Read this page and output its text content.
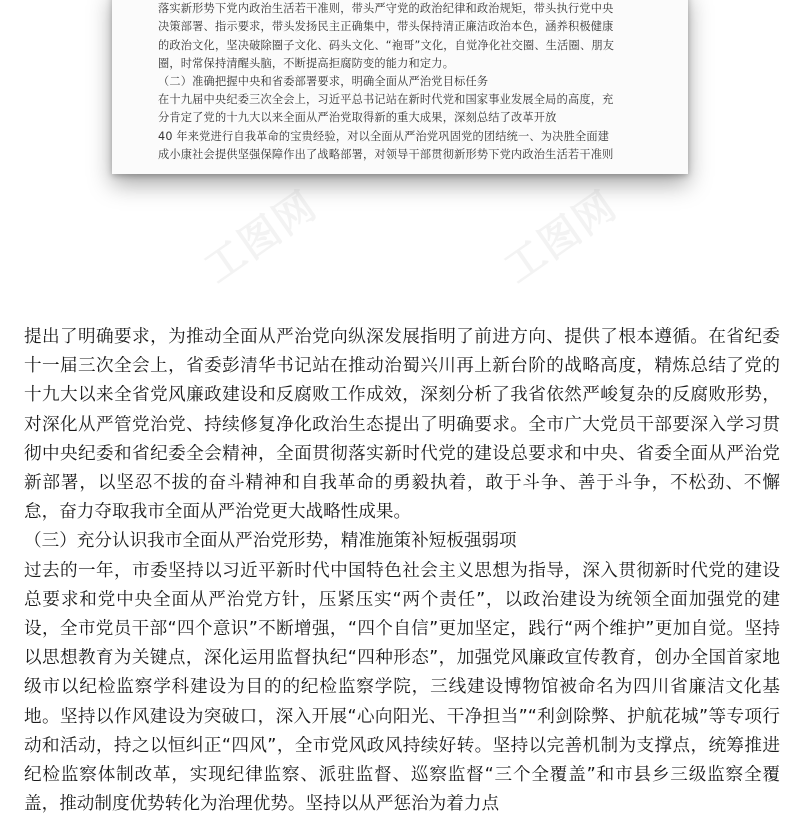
落实新形势下党内政治生活若干准则，带头严守党的政治纪律和政治规矩，带头执行党中央

决策部署、指示要求，带头发扬民主正确集中，带头保持清正廉洁政治本色，涵养积极健康

的政治文化，坚决破除圈子文化、码头文化、“袍哥”文化，自觉净化社交圈、生活圈、朋友

圈，时常保持清醒头脑，不断提高拒腐防变的能力和定力。

（二）准确把握中央和省委部署要求，明确全面从严治党目标任务

在十九届中央纪委三次全会上，习近平总书记站在新时代党和国家事业发展全局的高度，充

分肯定了党的十九大以来全面从严治党取得新的重大成果，深刻总结了改革开放

40 年来党进行自我革命的宝贵经验，对以全面从严治党巩固党的团结统一、为决胜全面建

成小康社会提供坚强保障作出了战略部署，对领导干部贯彻新形势下党内政治生活若干准则

工图网	工图网

提出了明确要求，为推动全面从严治党向纵深发展指明了前进方向、提供了根本遵循。在省纪委十一届三次全会上，省委彭清华书记站在推动治蜀兴川再上新台阶的战略高度，精炼总结了党的十九大以来全省党风廉政建设和反腐败工作成效，深刻分析了我省依然严峻复杂的反腐败形势，对深化从严管党治党、持续修复净化政治生态提出了明确要求。全市广大党员干部要深入学习贯彻中央纪委和省纪委全会精神，全面贯彻落实新时代党的建设总要求和中央、省委全面从严治党新部署，以坚忍不拔的奋斗精神和自我革命的勇毅执着，敢于斗争、善于斗争，不松劲、不懈怠，奋力夺取我市全面从严治党更大战略性成果。

（三）充分认识我市全面从严治党形势，精准施策补短板强弱项

过去的一年，市委坚持以习近平新时代中国特色社会主义思想为指导，深入贯彻新时代党的建设总要求和党中央全面从严治党方针，压紧压实“两个责任”，以政治建设为统领全面加强党的建设，全市党员干部“四个意识”不断增强，“四个自信”更加坚定，践行“两个维护”更加自觉。坚持以思想教育为关键点，深化运用监督执纪“四种形态”，加强党风廉政宣传教育，创办全国首家地级市以纪检监察学科建设为目的的纪检监察学院，三线建设博物馆被命名为四川省廉洁文化基地。坚持以作风建设为突破口，深入开展“心向阳光、干净担当”“利剑除弊、护航花城”等专项行动和活动，持之以恒纠正“四风”，全市党风政风持续好转。坚持以完善机制为支撑点，统筹推进纪检监察体制改革，实现纪律监察、派驻监督、巡察监督“三个全覆盖”和市县乡三级监察全覆盖，推动制度优势转化为治理优势。坚持以从严惩治为着力点
